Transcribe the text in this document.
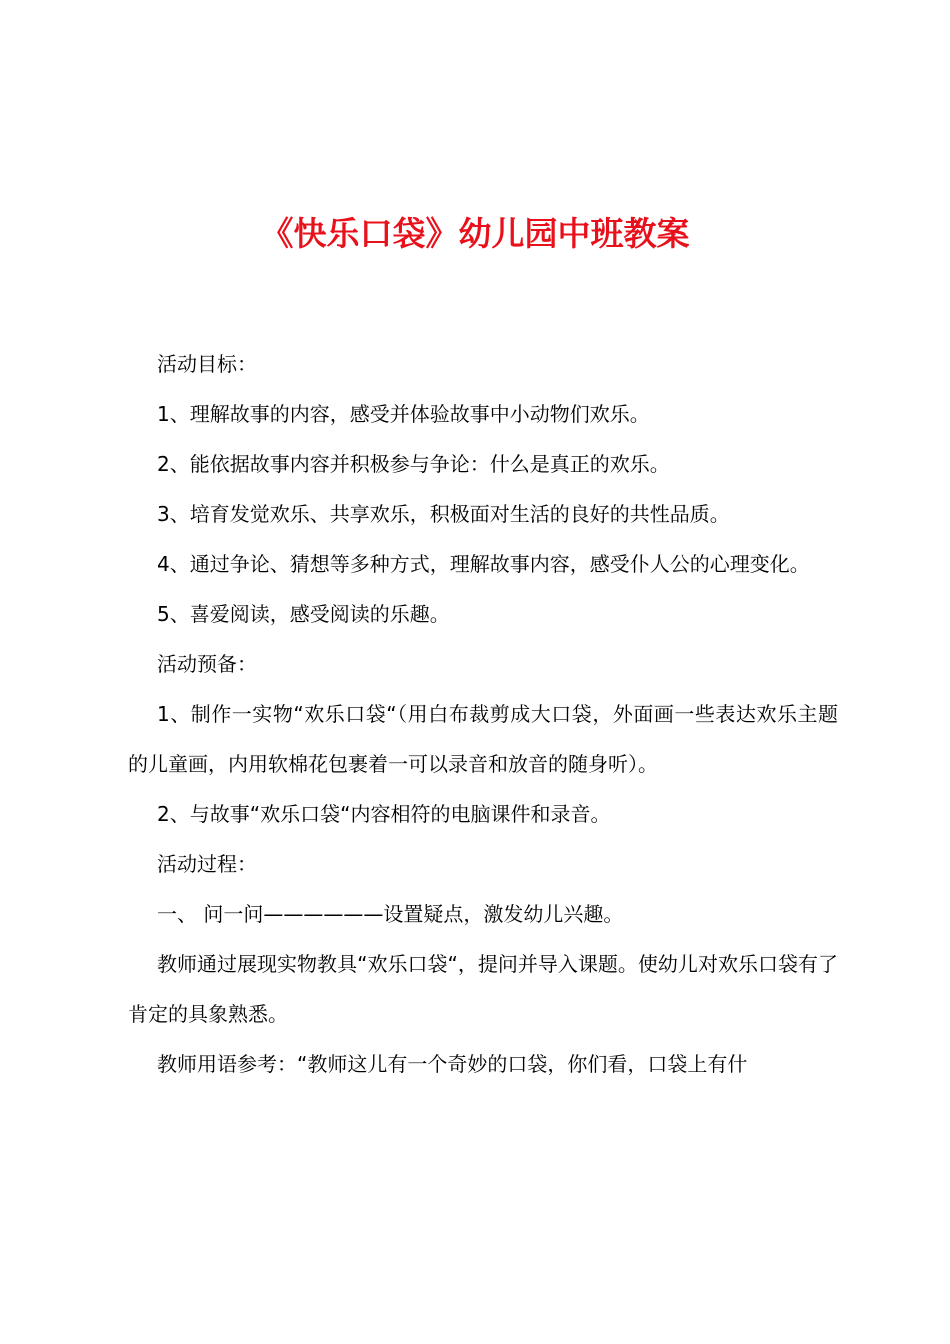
《快乐口袋》幼儿园中班教案

活动目标：

1、理解故事的内容，感受并体验故事中小动物们欢乐。

2、能依据故事内容并积极参与争论：什么是真正的欢乐。

3、培育发觉欢乐、共享欢乐，积极面对生活的良好的共性品质。

4、通过争论、猜想等多种方式，理解故事内容，感受仆人公的心理变化。

5、喜爱阅读，感受阅读的乐趣。

活动预备：

1、制作一实物“欢乐口袋“（用白布裁剪成大口袋，外面画一些表达欢乐主题的儿童画，内用软棉花包裹着一可以录音和放音的随身听）。

2、与故事“欢乐口袋“内容相符的电脑课件和录音。

活动过程：

一、 问一问——————设置疑点，激发幼儿兴趣。

教师通过展现实物教具“欢乐口袋“，提问并导入课题。使幼儿对欢乐口袋有了肯定的具象熟悉。

教师用语参考：“教师这儿有一个奇妙的口袋，你们看，口袋上有什
